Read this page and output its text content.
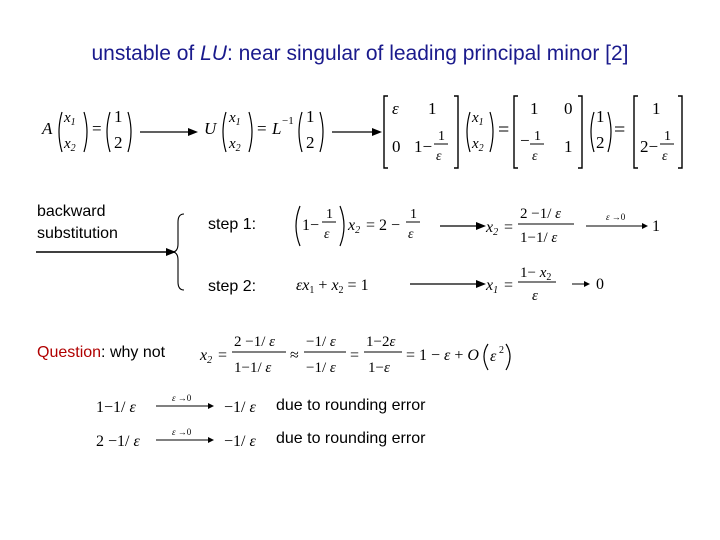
unstable of LU: near singular of leading principal minor [2]
A
$x_1$
$x_2$
=
1
2
U
$x_1$
$x_2$
= L −1 1
2
ε 1
0 1−
1
ε
$x_1$
$x_2$
=
1 0
− 1
ε
1
1
2
=
1
2−
1
ε
backward
substitution
step 1:
step 2:
1−
1
ε
x2 = 2 −
1
ε	x2 =
2 −1/ ε
1−1/ ε
ε →0
1
εx1 + x2 = 1	x1 =
$1- x_2$
ε
0
Question: why not x2 =
2 −1/ ε
1−1/ ε
≈
−1/ ε
−1/ ε
=
1−2ε
1−ε
= 1 − ε + O ε 2
1−1/ ε
ε →0
−1/ ε due to rounding error
2 −1/ ε
ε →0
−1/ ε due to rounding error
